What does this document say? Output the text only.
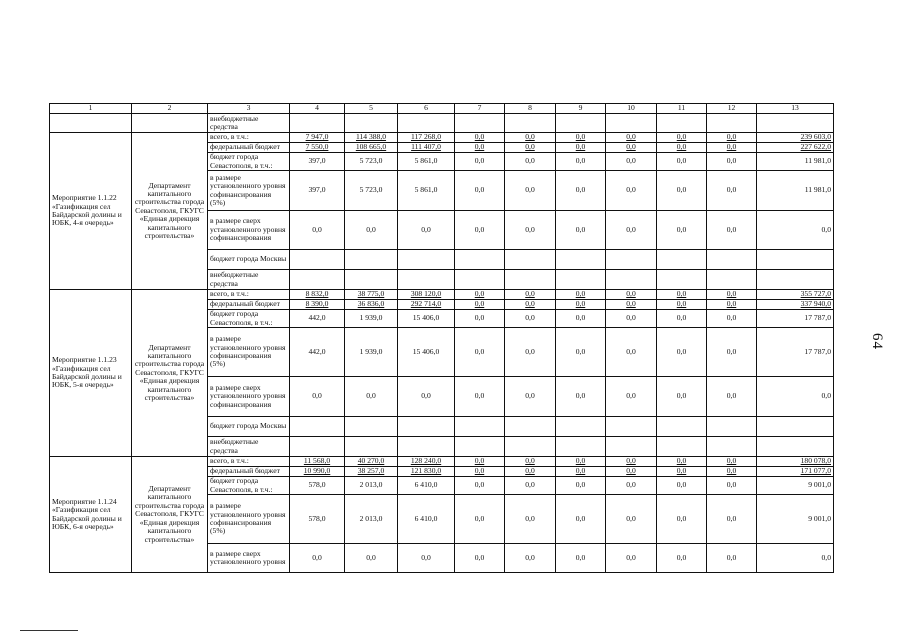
1	2	3	4	5	6	7	8	9	10	11	12	13
		внебюджетные средства										
Мероприятие 1.1.22 «Газификация сел Байдарской долины и ЮБК, 4-я очередь»	Департамент капитального строительства города Севастополя, ГКУГС «Единая дирекция капитального строительства»	всего, в т.ч.:	7 947,0	114 388,0	117 268,0	0,0	0,0	0,0	0,0	0,0	0,0	239 603,0
		федеральный бюджет	7 550,0	108 665,0	111 407,0	0,0	0,0	0,0	0,0	0,0	0,0	227 622,0
		бюджет города Севастополя, в т.ч.:	397,0	5 723,0	5 861,0	0,0	0,0	0,0	0,0	0,0	0,0	11 981,0
		в размере установленного уровня софинансирования (5%)	397,0	5 723,0	5 861,0	0,0	0,0	0,0	0,0	0,0	0,0	11 981,0
		в размере сверх установленного уровня софинансирования	0,0	0,0	0,0	0,0	0,0	0,0	0,0	0,0	0,0	0,0
		бюджет города Москвы										
		внебюджетные средства										
Мероприятие 1.1.23 «Газификация сел Байдарской долины и ЮБК, 5-я очередь»	Департамент капитального строительства города Севастополя, ГКУГС «Единая дирекция капитального строительства»	всего, в т.ч.:	8 832,0	38 775,0	308 120,0	0,0	0,0	0,0	0,0	0,0	0,0	355 727,0
		федеральный бюджет	8 390,0	36 836,0	292 714,0	0,0	0,0	0,0	0,0	0,0	0,0	337 940,0
		бюджет города Севастополя, в т.ч.:	442,0	1 939,0	15 406,0	0,0	0,0	0,0	0,0	0,0	0,0	17 787,0
		в размере установленного уровня софинансирования (5%)	442,0	1 939,0	15 406,0	0,0	0,0	0,0	0,0	0,0	0,0	17 787,0
		в размере сверх установленного уровня софинансирования	0,0	0,0	0,0	0,0	0,0	0,0	0,0	0,0	0,0	0,0
		бюджет города Москвы										
		внебюджетные средства										
Мероприятие 1.1.24 «Газификация сел Байдарской долины и ЮБК, 6-я очередь»	Департамент капитального строительства города Севастополя, ГКУГС «Единая дирекция капитального строительства»	всего, в т.ч.:	11 568,0	40 270,0	128 240,0	0,0	0,0	0,0	0,0	0,0	0,0	180 078,0
		федеральный бюджет	10 990,0	38 257,0	121 830,0	0,0	0,0	0,0	0,0	0,0	0,0	171 077,0
		бюджет города Севастополя, в т.ч.:	578,0	2 013,0	6 410,0	0,0	0,0	0,0	0,0	0,0	0,0	9 001,0
		в размере установленного уровня софинансирования (5%)	578,0	2 013,0	6 410,0	0,0	0,0	0,0	0,0	0,0	0,0	9 001,0
		в размере сверх установленного уровня	0,0	0,0	0,0	0,0	0,0	0,0	0,0	0,0	0,0	0,0
64
